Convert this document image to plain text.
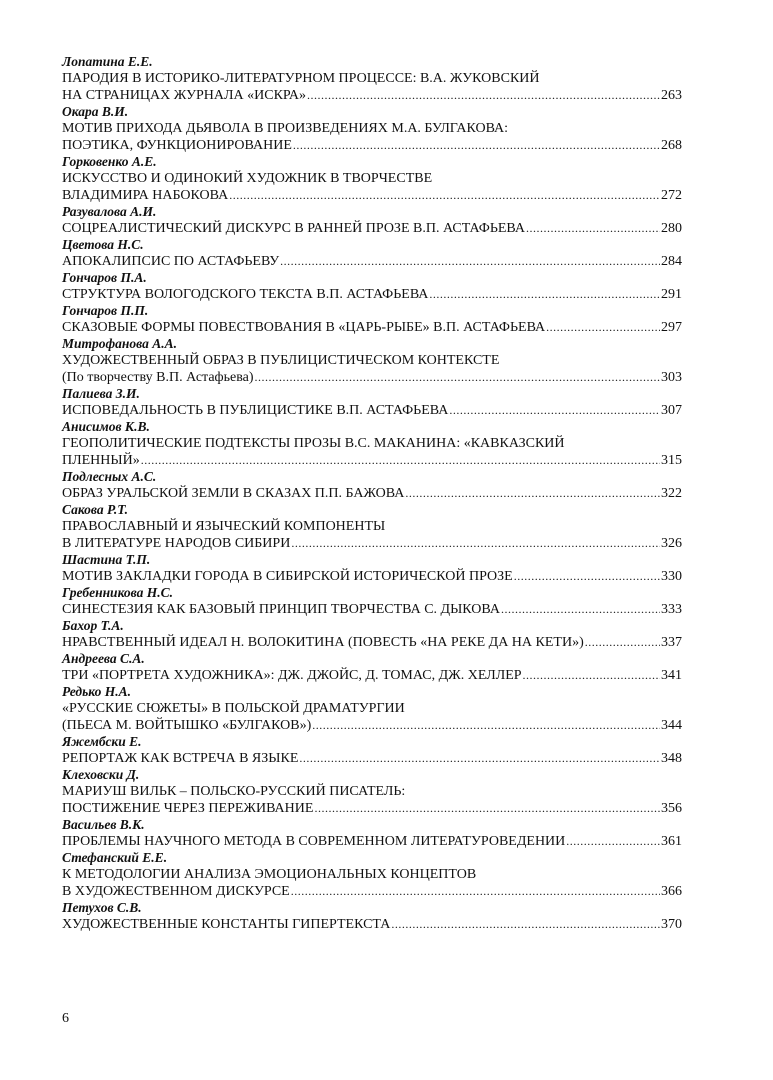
Лопатина Е.Е.
ПАРОДИЯ В ИСТОРИКО-ЛИТЕРАТУРНОМ ПРОЦЕССЕ: В.А. ЖУКОВСКИЙ
НА СТРАНИЦАХ ЖУРНАЛА «ИСКРА» .....	263
Окара В.И.
МОТИВ ПРИХОДА ДЬЯВОЛА В ПРОИЗВЕДЕНИЯХ М.А. БУЛГАКОВА:
ПОЭТИКА, ФУНКЦИОНИРОВАНИЕ .....	268
Горковенко А.Е.
ИСКУССТВО И ОДИНОКИЙ ХУДОЖНИК В ТВОРЧЕСТВЕ
ВЛАДИМИРА НАБОКОВА .....	272
Разувалова А.И.
СОЦРЕАЛИСТИЧЕСКИЙ ДИСКУРС В РАННЕЙ ПРОЗЕ В.П. АСТАФЬЕВА .....	280
Цветова Н.С.
АПОКАЛИПСИС ПО АСТАФЬЕВУ .....	284
Гончаров П.А.
СТРУКТУРА ВОЛОГОДСКОГО ТЕКСТА В.П. АСТАФЬЕВА .....	291
Гончаров П.П.
СКАЗОВЫЕ ФОРМЫ ПОВЕСТВОВАНИЯ В «ЦАРЬ-РЫБЕ» В.П. АСТАФЬЕВА .....	297
Митрофанова А.А.
ХУДОЖЕСТВЕННЫЙ ОБРАЗ В ПУБЛИЦИСТИЧЕСКОМ КОНТЕКСТЕ
(По творчеству В.П. Астафьева) .....	303
Палиева З.И.
ИСПОВЕДАЛЬНОСТЬ В ПУБЛИЦИСТИКЕ В.П. АСТАФЬЕВА .....	307
Анисимов К.В.
ГЕОПОЛИТИЧЕСКИЕ ПОДТЕКСТЫ ПРОЗЫ В.С. МАКАНИНА: «КАВКАЗСКИЙ
ПЛЕННЫЙ» .....	315
Подлесных А.С.
ОБРАЗ УРАЛЬСКОЙ ЗЕМЛИ В СКАЗАХ П.П. БАЖОВА .....	322
Сакова Р.Т.
ПРАВОСЛАВНЫЙ И ЯЗЫЧЕСКИЙ КОМПОНЕНТЫ
В ЛИТЕРАТУРЕ НАРОДОВ СИБИРИ .....	326
Шастина Т.П.
МОТИВ ЗАКЛАДКИ ГОРОДА В СИБИРСКОЙ ИСТОРИЧЕСКОЙ ПРОЗЕ .....	330
Гребенникова Н.С.
СИНЕСТЕЗИЯ КАК БАЗОВЫЙ ПРИНЦИП ТВОРЧЕСТВА С. ДЫКОВА .....	333
Бахор Т.А.
НРАВСТВЕННЫЙ ИДЕАЛ Н. ВОЛОКИТИНА (ПОВЕСТЬ «НА РЕКЕ ДА НА КЕТИ») .....	337
Андреева С.А.
ТРИ «ПОРТРЕТА ХУДОЖНИКА»: ДЖ. ДЖОЙС, Д. ТОМАС, ДЖ. ХЕЛЛЕР .....	341
Редько Н.А.
«РУССКИЕ СЮЖЕТЫ» В ПОЛЬСКОЙ ДРАМАТУРГИИ
(ПЬЕСА М. ВОЙТЫШКО «БУЛГАКОВ») .....	344
Яжембски Е.
РЕПОРТАЖ КАК ВСТРЕЧА В ЯЗЫКЕ .....	348
Клеховски Д.
МАРИУШ ВИЛЬК – ПОЛЬСКО-РУССКИЙ ПИСАТЕЛЬ:
ПОСТИЖЕНИЕ ЧЕРЕЗ ПЕРЕЖИВАНИЕ .....	356
Васильев В.К.
ПРОБЛЕМЫ НАУЧНОГО МЕТОДА В СОВРЕМЕННОМ ЛИТЕРАТУРОВЕДЕНИИ .....	361
Стефанский Е.Е.
К МЕТОДОЛОГИИ АНАЛИЗА ЭМОЦИОНАЛЬНЫХ КОНЦЕПТОВ
В ХУДОЖЕСТВЕННОМ ДИСКУРСЕ .....	366
Петухов С.В.
ХУДОЖЕСТВЕННЫЕ КОНСТАНТЫ ГИПЕРТЕКСТА .....	370
6
